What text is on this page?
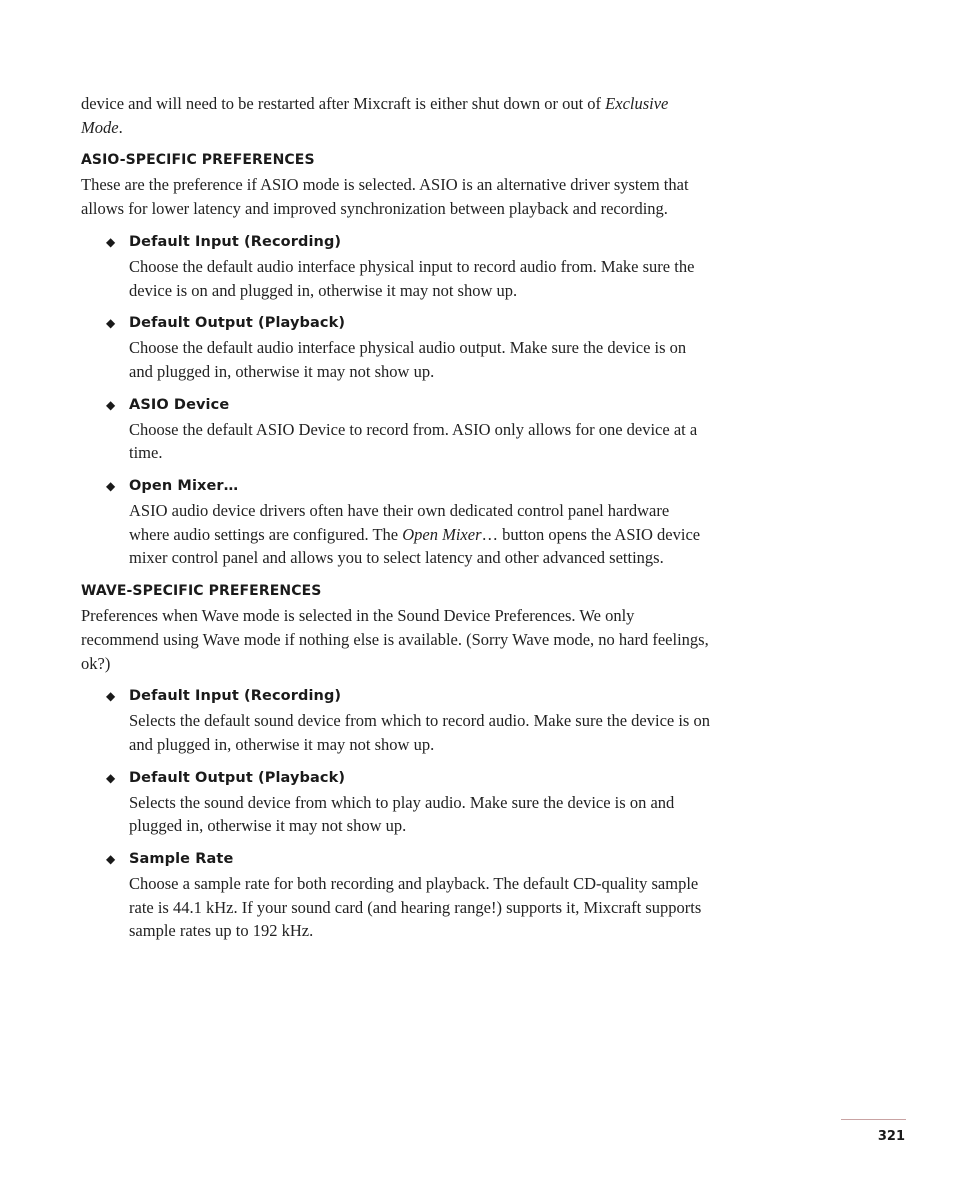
device and will need to be restarted after Mixcraft is either shut down or out of Exclusive Mode.

ASIO-SPECIFIC PREFERENCES

These are the preference if ASIO mode is selected. ASIO is an alternative driver system that allows for lower latency and improved synchronization between playback and recording.

◆ Default Input (Recording)

Choose the default audio interface physical input to record audio from. Make sure the device is on and plugged in, otherwise it may not show up.

◆ Default Output (Playback)

Choose the default audio interface physical audio output. Make sure the device is on and plugged in, otherwise it may not show up.

◆ ASIO Device

Choose the default ASIO Device to record from. ASIO only allows for one device at a time.

◆ Open Mixer…

ASIO audio device drivers often have their own dedicated control panel hardware where audio settings are configured. The Open Mixer… button opens the ASIO device mixer control panel and allows you to select latency and other advanced settings.

WAVE-SPECIFIC PREFERENCES

Preferences when Wave mode is selected in the Sound Device Preferences. We only recommend using Wave mode if nothing else is available. (Sorry Wave mode, no hard feelings, ok?)

◆ Default Input (Recording)

Selects the default sound device from which to record audio. Make sure the device is on and plugged in, otherwise it may not show up.

◆ Default Output (Playback)

Selects the sound device from which to play audio. Make sure the device is on and plugged in, otherwise it may not show up.

◆ Sample Rate

Choose a sample rate for both recording and playback. The default CD-quality sample rate is 44.1 kHz. If your sound card (and hearing range!) supports it, Mixcraft supports sample rates up to 192 kHz.

321
